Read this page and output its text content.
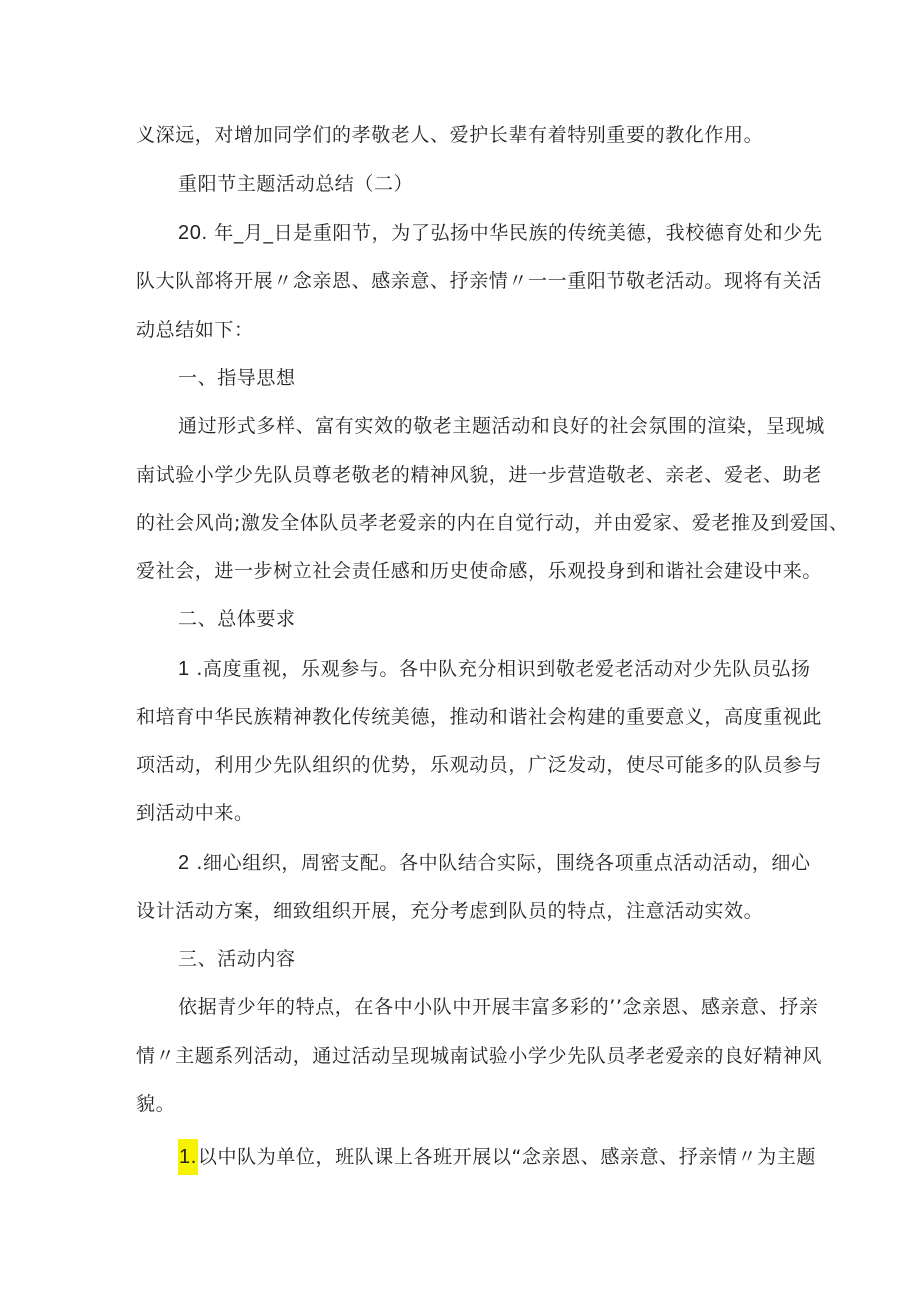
义深远，对增加同学们的孝敬老人、爱护长辈有着特别重要的教化作用。
重阳节主题活动总结（二）
20. 年_月_日是重阳节，为了弘扬中华民族的传统美德，我校德育处和少先
队大队部将开展〃念亲恩、感亲意、抒亲情〃一一重阳节敬老活动。现将有关活
动总结如下：
一、指导思想
通过形式多样、富有实效的敬老主题活动和良好的社会氛围的渲染，呈现城
南试验小学少先队员尊老敬老的精神风貌，进一步营造敬老、亲老、爱老、助老
的社会风尚;激发全体队员孝老爱亲的内在自觉行动，并由爱家、爱老推及到爱国、
爱社会，进一步树立社会责任感和历史使命感，乐观投身到和谐社会建设中来。
二、总体要求
1 .高度重视，乐观参与。各中队充分相识到敬老爱老活动对少先队员弘扬
和培育中华民族精神教化传统美德，推动和谐社会构建的重要意义，高度重视此
项活动，利用少先队组织的优势，乐观动员，广泛发动，使尽可能多的队员参与
到活动中来。
2 .细心组织，周密支配。各中队结合实际，围绕各项重点活动活动，细心
设计活动方案，细致组织开展，充分考虑到队员的特点，注意活动实效。
三、活动内容
依据青少年的特点，在各中小队中开展丰富多彩的’’念亲恩、感亲意、抒亲
情〃主题系列活动，通过活动呈现城南试验小学少先队员孝老爱亲的良好精神风
貌。
1.以中队为单位，班队课上各班开展以“念亲恩、感亲意、抒亲情〃为主题
